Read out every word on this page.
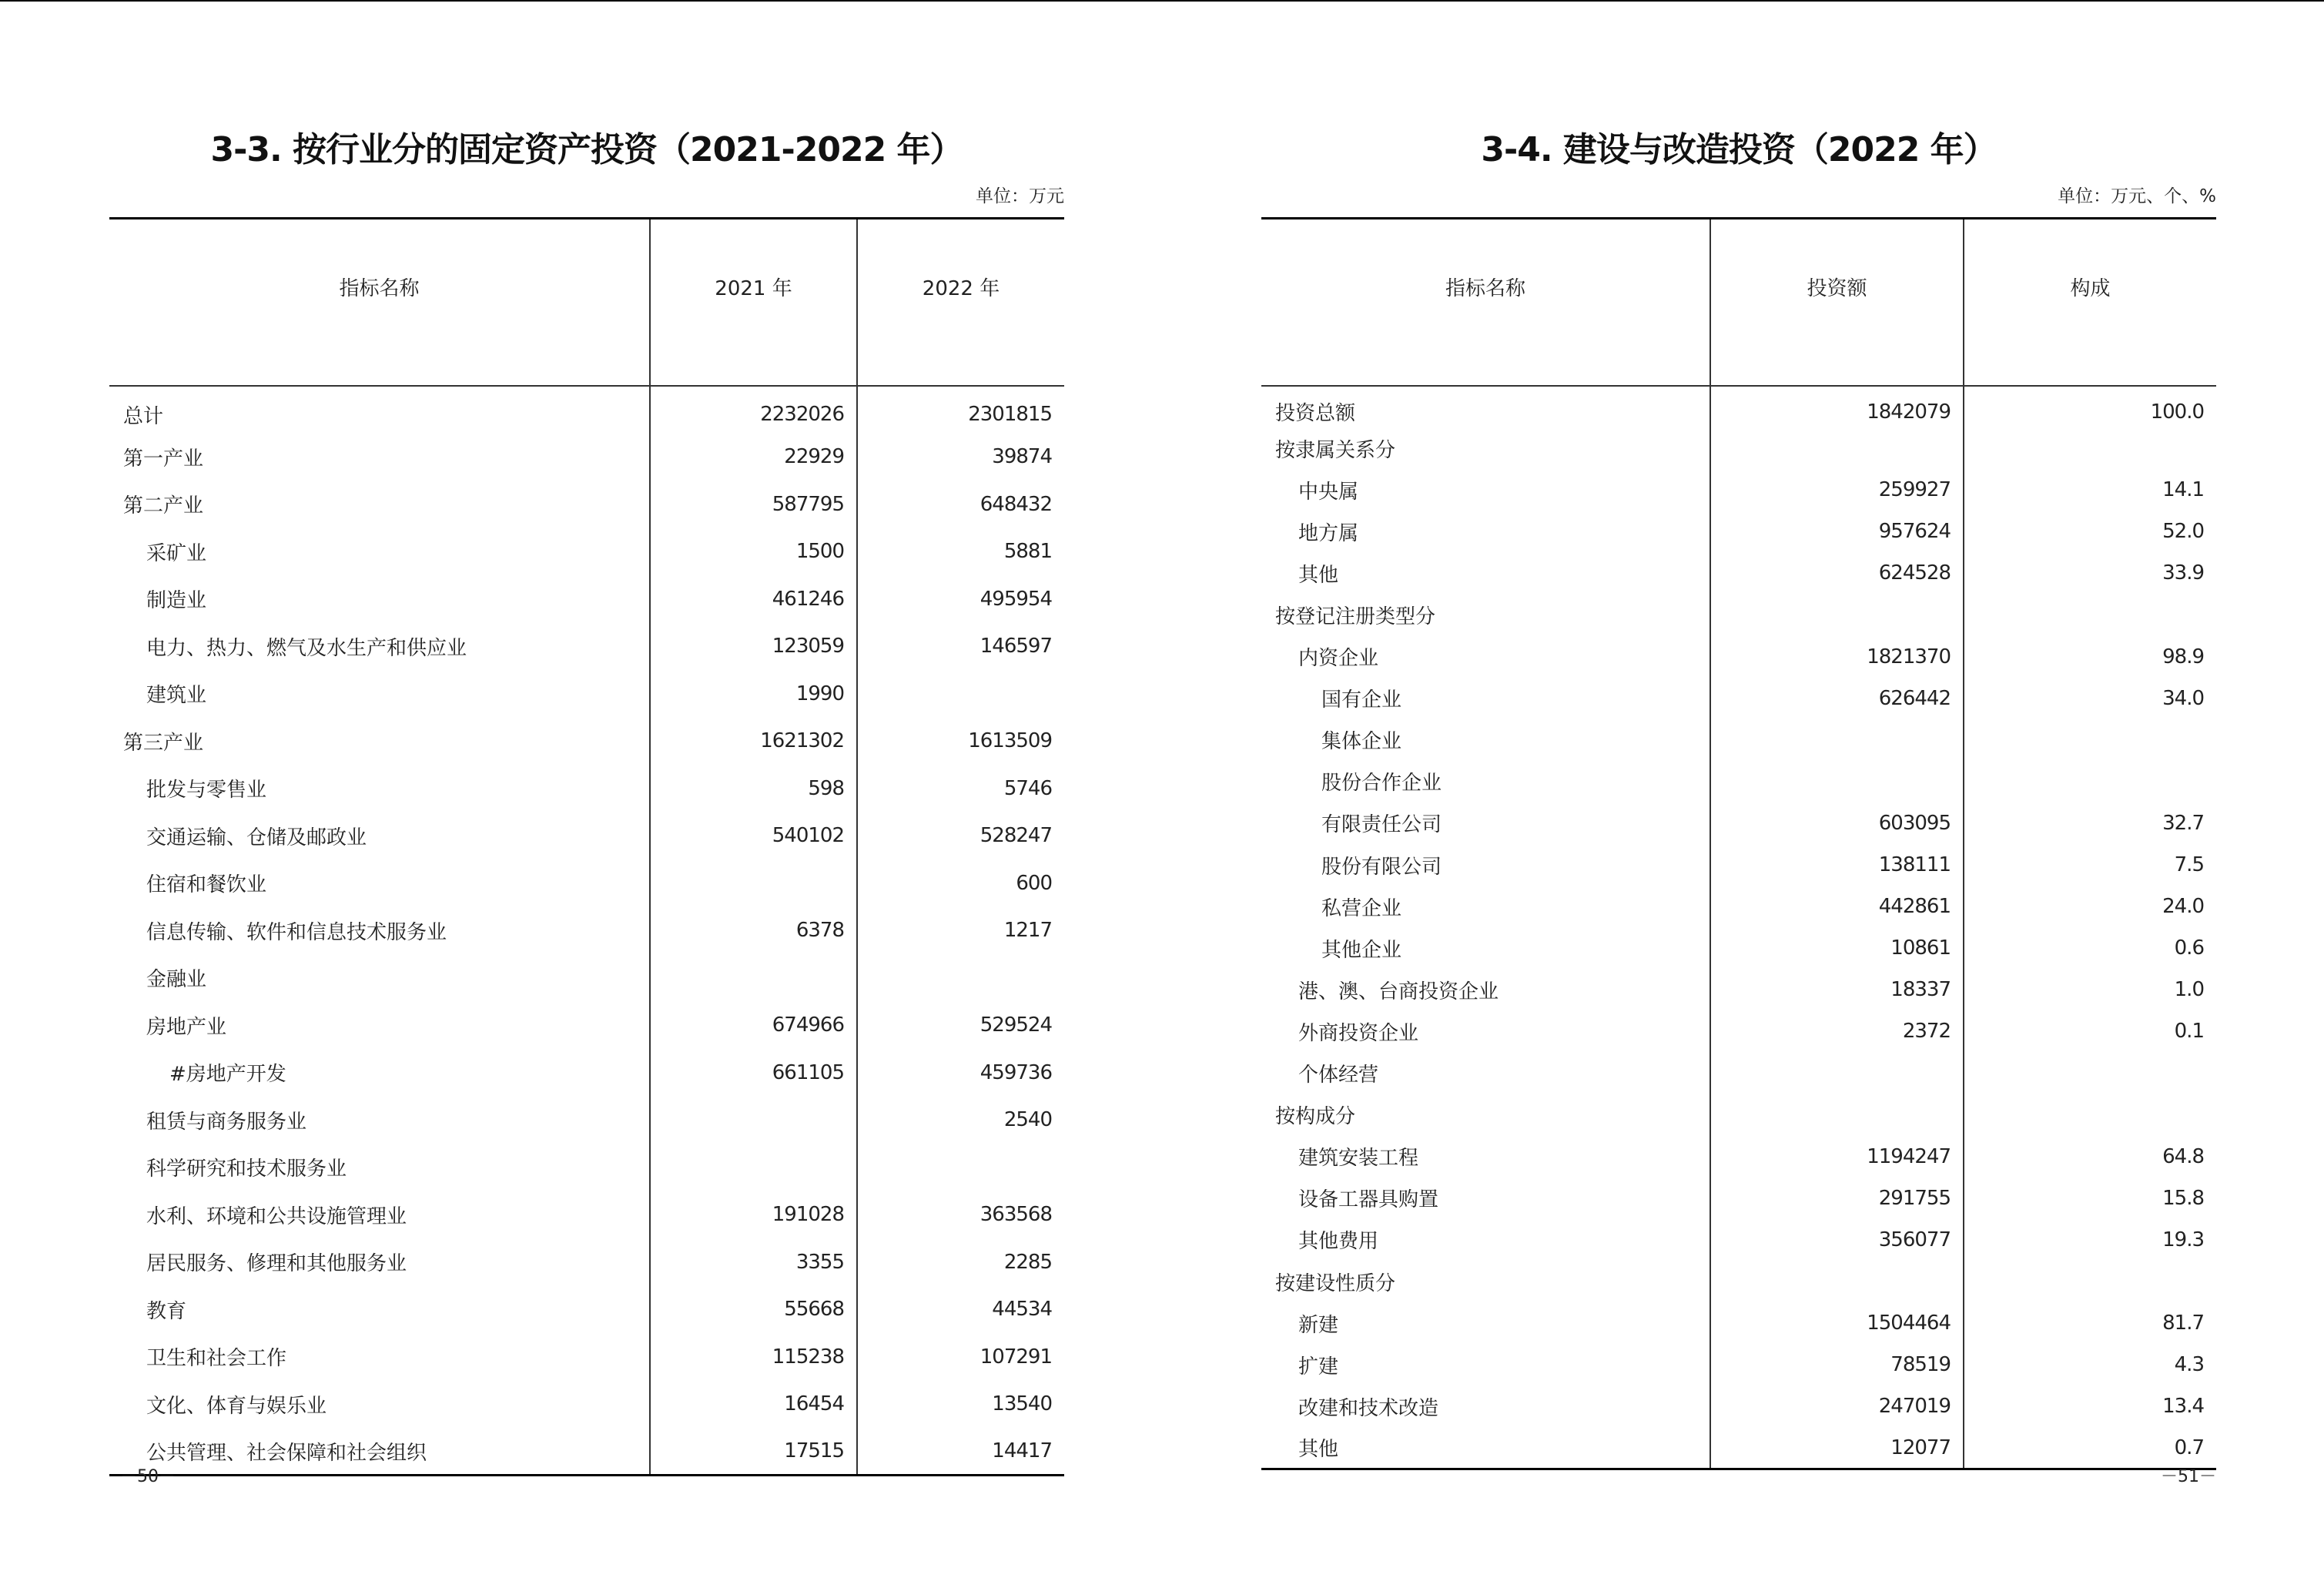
3-3. 按行业分的固定资产投资（2021-2022 年）
单位：万元
指标名称	2021 年	2022 年
总计	2232026	2301815
第一产业	22929	39874
第二产业	587795	648432
采矿业	1500	5881
制造业	461246	495954
电力、热力、燃气及水生产和供应业	123059	146597
建筑业	1990	
第三产业	1621302	1613509
批发与零售业	598	5746
交通运输、仓储及邮政业	540102	528247
住宿和餐饮业		600
信息传输、软件和信息技术服务业	6378	1217
金融业		
房地产业	674966	529524
#房地产开发	661105	459736
租赁与商务服务业		2540
科学研究和技术服务业		
水利、环境和公共设施管理业	191028	363568
居民服务、修理和其他服务业	3355	2285
教育	55668	44534
卫生和社会工作	115238	107291
文化、体育与娱乐业	16454	13540
公共管理、社会保障和社会组织	17515	14417
－50－
3-4. 建设与改造投资（2022 年）
单位：万元、个、%
指标名称	投资额	构成
投资总额	1842079	100.0
按隶属关系分		
中央属	259927	14.1
地方属	957624	52.0
其他	624528	33.9
按登记注册类型分		
内资企业	1821370	98.9
国有企业	626442	34.0
集体企业		
股份合作企业		
有限责任公司	603095	32.7
股份有限公司	138111	7.5
私营企业	442861	24.0
其他企业	10861	0.6
港、澳、台商投资企业	18337	1.0
外商投资企业	2372	0.1
个体经营		
按构成分		
建筑安装工程	1194247	64.8
设备工器具购置	291755	15.8
其他费用	356077	19.3
按建设性质分		
新建	1504464	81.7
扩建	78519	4.3
改建和技术改造	247019	13.4
其他	12077	0.7
－51－
